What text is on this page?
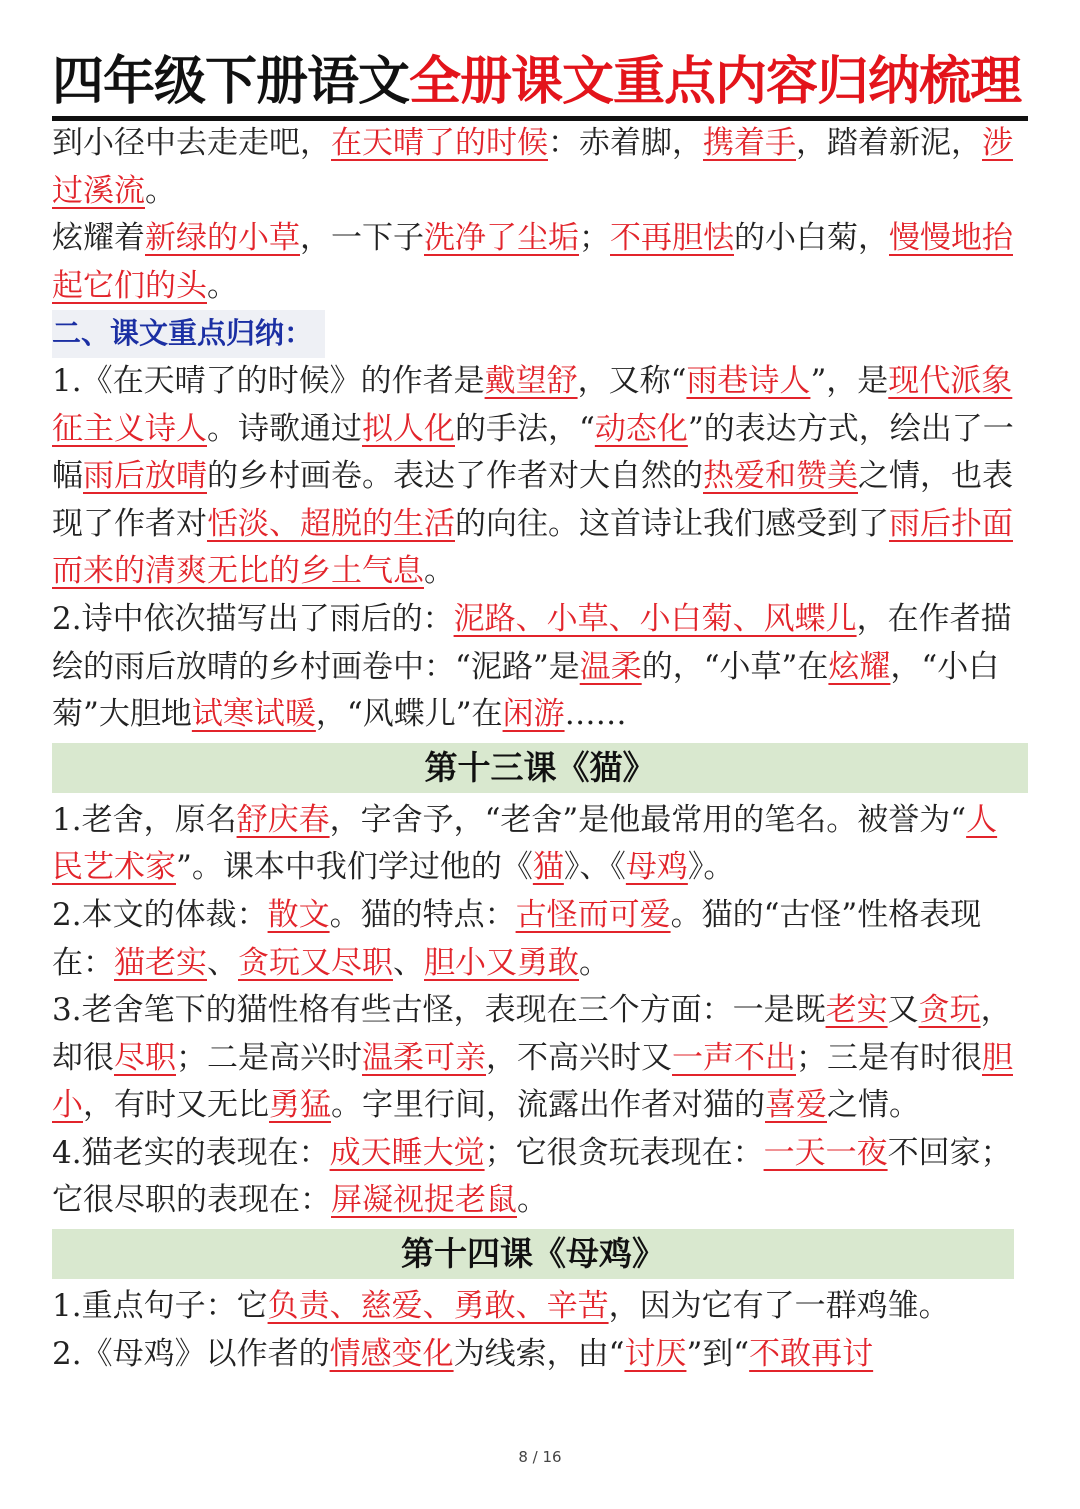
四年级下册语文全册课文重点内容归纳梳理

到小径中去走走吧，在天晴了的时候：赤着脚，携着手，踏着新泥，涉过溪流。

炫耀着新绿的小草，一下子洗净了尘垢；不再胆怯的小白菊，慢慢地抬起它们的头。

二、课文重点归纳：

1.《在天晴了的时候》的作者是戴望舒，又称“雨巷诗人”，是现代派象征主义诗人。诗歌通过拟人化的手法，“动态化”的表达方式，绘出了一幅雨后放晴的乡村画卷。表达了作者对大自然的热爱和赞美之情，也表现了作者对恬淡、超脱的生活的向往。这首诗让我们感受到了雨后扑面而来的清爽无比的乡土气息。

2.诗中依次描写出了雨后的：泥路、小草、小白菊、风蝶儿，在作者描绘的雨后放晴的乡村画卷中：“泥路”是温柔的，“小草”在炫耀，“小白菊”大胆地试寒试暖，“风蝶儿”在闲游……

第十三课《猫》

1.老舍，原名舒庆春，字舍予，“老舍”是他最常用的笔名。被誉为“人民艺术家”。课本中我们学过他的《猫》、《母鸡》。

2.本文的体裁：散文。猫的特点：古怪而可爱。猫的“古怪”性格表现在：猫老实、贪玩又尽职、胆小又勇敢。

3.老舍笔下的猫性格有些古怪，表现在三个方面：一是既老实又贪玩，却很尽职；二是高兴时温柔可亲，不高兴时又一声不出；三是有时很胆小，有时又无比勇猛。字里行间，流露出作者对猫的喜爱之情。

4.猫老实的表现在：成天睡大觉；它很贪玩表现在：一天一夜不回家；它很尽职的表现在：屏凝视捉老鼠。

第十四课《母鸡》

1.重点句子：它负责、慈爱、勇敢、辛苦，因为它有了一群鸡雏。

2.《母鸡》以作者的情感变化为线索，由“讨厌”到“不敢再讨

8 / 16
